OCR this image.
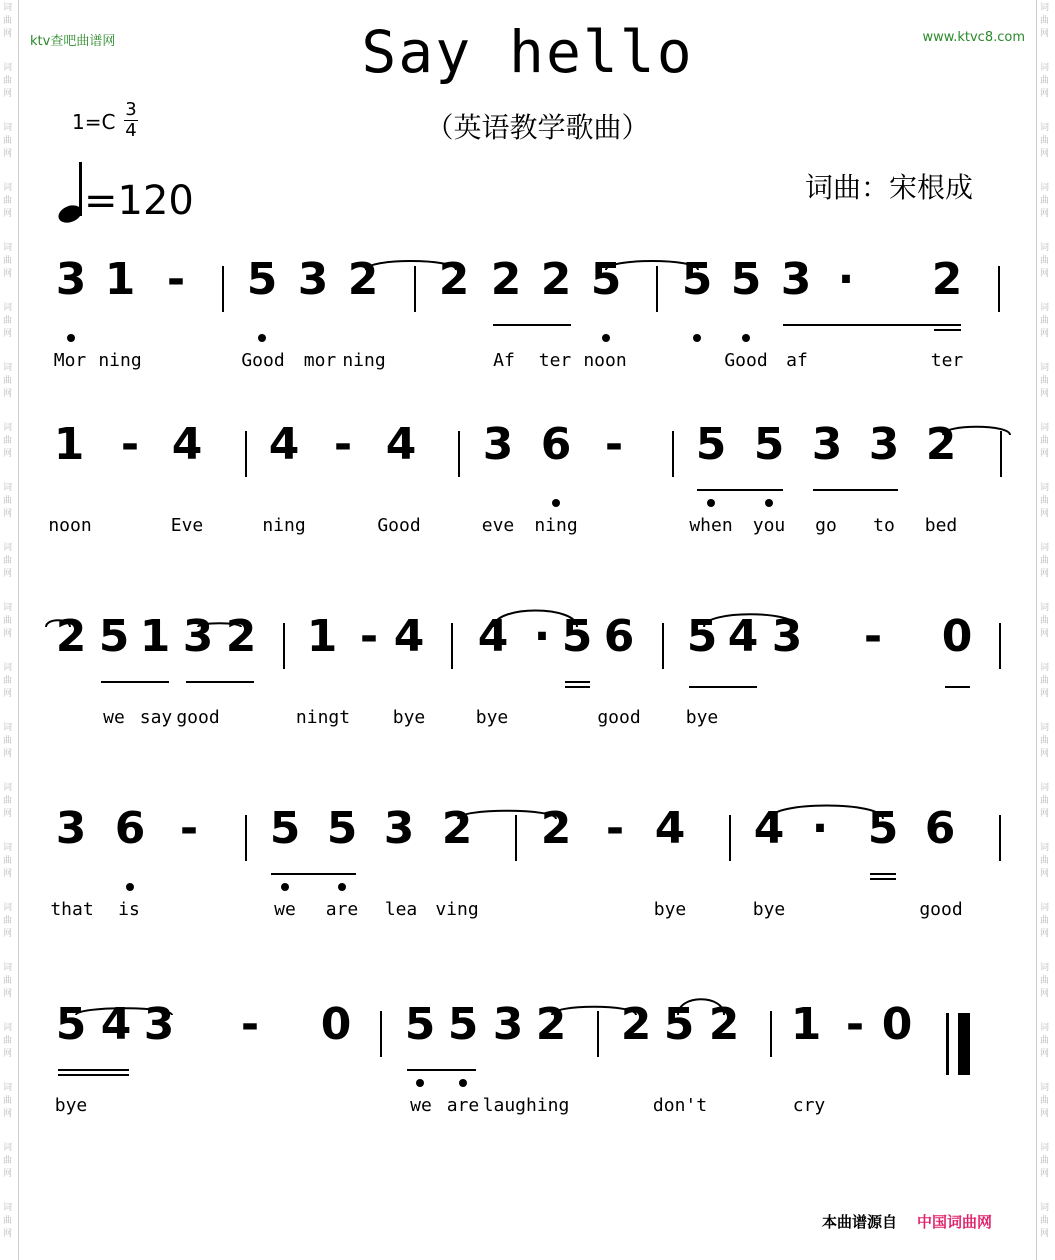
词
曲
网
词
曲
网
词
曲
网
词
曲
网
词
曲
网
词
曲
网
词
曲
网
词
曲
网
词
曲
网
词
曲
网
词
曲
网
词
曲
网
词
曲
网
词
曲
网
词
曲
网
词
曲
网
词
曲
网
词
曲
网
词
曲
网
词
曲
网
词
曲
网
词
曲
网
词
曲
网
词
曲
网
词
曲
网
词
曲
网
词
曲
网
词
曲
网
词
曲
网
词
曲
网
词
曲
网
词
曲
网
词
曲
网
词
曲
网
词
曲
网
词
曲
网
词
曲
网
词
曲
网
词
曲
网
词
曲
网
词
曲
网
词
曲
网
ktv查吧曲谱网	www.ktvc8.com
Say hello
（英语教学歌曲）
1=C
3
4
=120	词曲：宋根成
3 1 - 5 3 2 2 2 2 5 5 5 3 · 2
Mor ning	Good mor ning	Af ter noon	Good af	ter
1 - 4 4 - 4 3 6 - 5 5 3 3 2
noon	Eve	ning	Good	eve ning	when you go to bed
2 5 1 3 2 1 - 4 4 · 5 6 5 4 3 - 0
we say good	ningt bye	bye	good	bye
3 6 - 5 5 3 2 2 - 4 4 · 5 6
that is	we are lea ving	bye	bye	good
5 4 3 - 0 5 5 3 2 2 5 2 1 - 0
bye	we are laughing	don't	cry
本曲谱源自 中国词曲网
